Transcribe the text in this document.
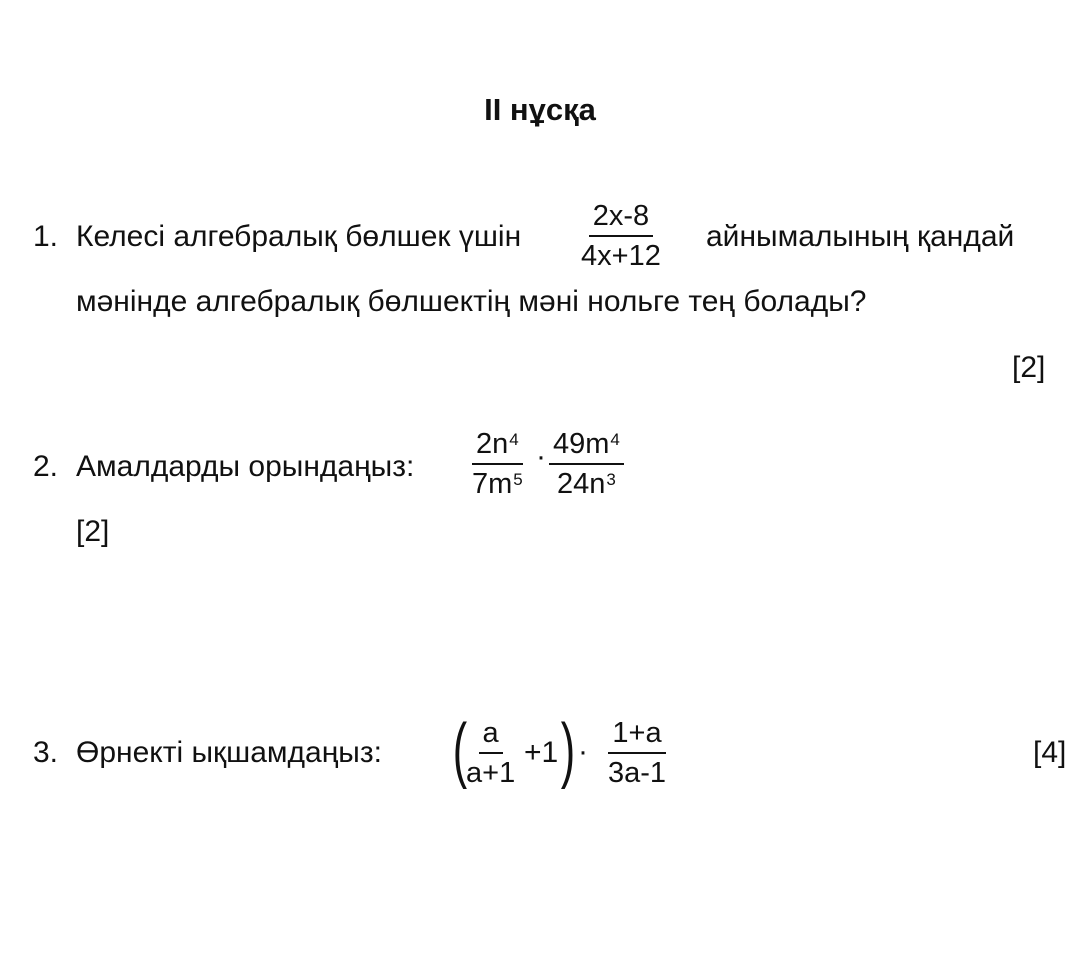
II нұсқа
1. Келесі алгебралық бөлшек үшін $\frac{2x-8}{4x+12}$ айнымалының қандай
мәнінде алгебралық бөлшектің мәні нольге тең болады?
[2]
2. Амалдарды орындаңыз: $\frac{2n^4}{7m^5} \cdot \frac{49m^4}{24n^3}$
[2]
3. Өрнекті ықшамдаңыз: (
$\frac{a}{a+1} +1$ ) · $\frac{1+a}{3a-1}$	[4]
